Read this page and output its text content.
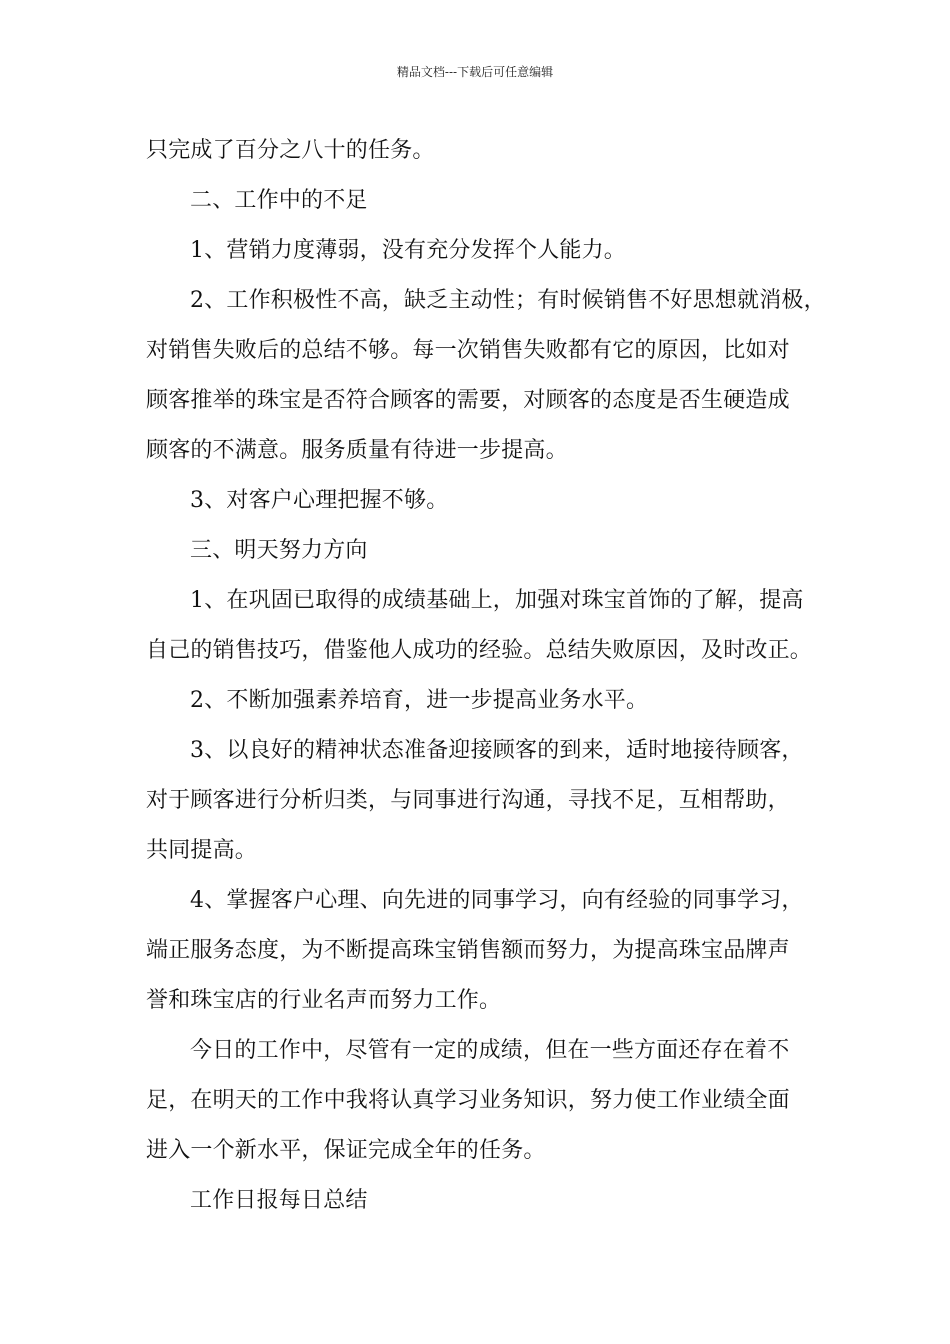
精品文档---下载后可任意编辑

只完成了百分之八十的任务。

二、工作中的不足

1、营销力度薄弱，没有充分发挥个人能力。

2、工作积极性不高，缺乏主动性；有时候销售不好思想就消极，

对销售失败后的总结不够。每一次销售失败都有它的原因，比如对

顾客推举的珠宝是否符合顾客的需要，对顾客的态度是否生硬造成

顾客的不满意。服务质量有待进一步提高。

3、对客户心理把握不够。

三、明天努力方向

1、在巩固已取得的成绩基础上，加强对珠宝首饰的了解，提高

自己的销售技巧，借鉴他人成功的经验。总结失败原因，及时改正。

2、不断加强素养培育，进一步提高业务水平。

3、以良好的精神状态准备迎接顾客的到来，适时地接待顾客，

对于顾客进行分析归类，与同事进行沟通，寻找不足，互相帮助，

共同提高。

4、掌握客户心理、向先进的同事学习，向有经验的同事学习，

端正服务态度，为不断提高珠宝销售额而努力，为提高珠宝品牌声

誉和珠宝店的行业名声而努力工作。

今日的工作中，尽管有一定的成绩，但在一些方面还存在着不

足，在明天的工作中我将认真学习业务知识，努力使工作业绩全面

进入一个新水平，保证完成全年的任务。

工作日报每日总结
